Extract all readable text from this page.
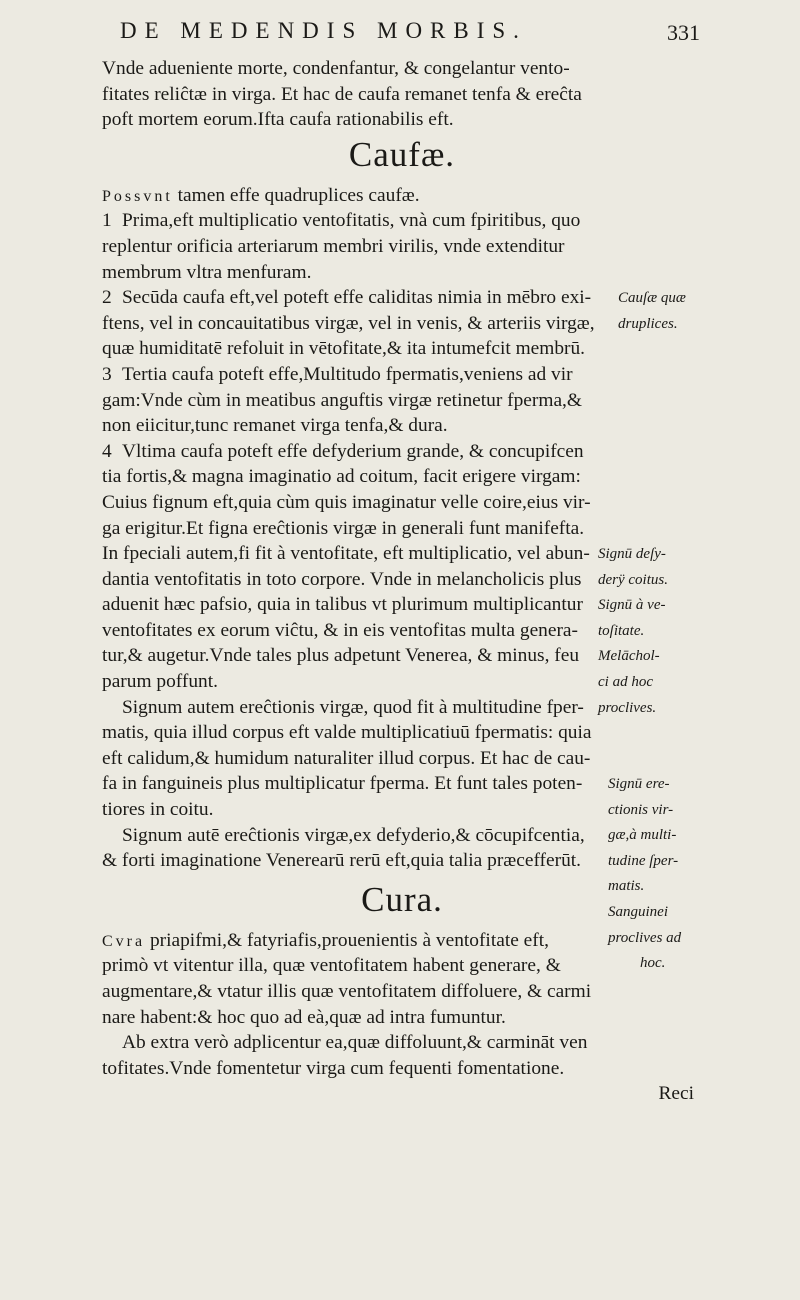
DE MEDENDIS MORBIS.	331
Vnde adueniente morte, condenfantur, & congelantur vento-
fitates reliĉtæ in virga. Et hac de caufa remanet tenfa & ereĉta
poft mortem eorum.Ifta caufa rationabilis eft.
Caufæ.
Possvnt tamen effe quadruplices caufæ.
1 Prima,eft multiplicatio ventofitatis, vnà cum fpiritibus, quo
replentur orificia arteriarum membri virilis, vnde extenditur
membrum vltra menfuram.
2 Secūda caufa eft,vel poteft effe caliditas nimia in mēbro exi-
ftens, vel in concauitatibus virgæ, vel in venis, & arteriis virgæ,
quæ humiditatē refoluit in vētofitate,& ita intumefcit membrū.
3 Tertia caufa poteft effe,Multitudo fpermatis,veniens ad vir
gam:Vnde cùm in meatibus anguftis virgæ retinetur fperma,&
non eiicitur,tunc remanet virga tenfa,& dura.
4 Vltima caufa poteft effe defyderium grande, & concupifcen
tia fortis,& magna imaginatio ad coitum, facit erigere virgam:
Cuius fignum eft,quia cùm quis imaginatur velle coire,eius vir-
ga erigitur.Et figna ereĉtionis virgæ in generali funt manifefta.
In fpeciali autem,fi fit à ventofitate, eft multiplicatio, vel abun-
dantia ventofitatis in toto corpore. Vnde in melancholicis plus
aduenit hæc pafsio, quia in talibus vt plurimum multiplicantur
ventofitates ex eorum viĉtu, & in eis ventofitas multa genera-
tur,& augetur.Vnde tales plus adpetunt Venerea, & minus, feu
parum poffunt.
Signum autem ereĉtionis virgæ, quod fit à multitudine fper-
matis, quia illud corpus eft valde multiplicatiuū fpermatis: quia
eft calidum,& humidum naturaliter illud corpus. Et hac de cau-
fa in fanguineis plus multiplicatur fperma. Et funt tales poten-
tiores in coitu.
Signum autē ereĉtionis virgæ,ex defyderio,& cōcupifcentia,
& forti imaginatione Venerearū rerū eft,quia talia præcefferūt.
Cura.
Cvra priapifmi,& fatyriafis,prouenientis à ventofitate eft,
primò vt vitentur illa, quæ ventofitatem habent generare, &
augmentare,& vtatur illis quæ ventofitatem diffoluere, & carmi
nare habent:& hoc quo ad eà,quæ ad intra fumuntur.
Ab extra verò adplicentur ea,quæ diffoluunt,& carmināt ven
tofitates.Vnde fomentetur virga cum fequenti fomentatione.
Reci
Cauſæ quæ
druplices.
Signū deſy-
derÿ coitus.
Signū à ve-
toſitate.
Melāchol-
ci ad hoc
proclives.
Signū ere-
ctionis vir-
gæ,à multi-
tudine ſper-
matis.
Sanguinei
proclives ad
hoc.
